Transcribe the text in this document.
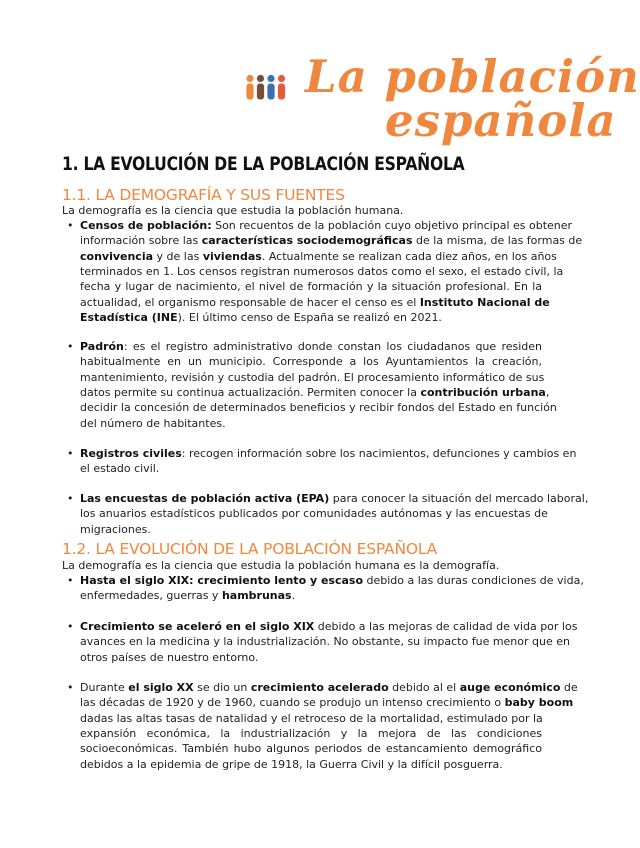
La población
española
1. LA EVOLUCIÓN DE LA POBLACIÓN ESPAÑOLA
1.1. LA DEMOGRAFÍA Y SUS FUENTES
La demografía es la ciencia que estudia la población humana.
• Censos de población: Son recuentos de la población cuyo objetivo principal es obtener
información sobre las características sociodemográficas de la misma, de las formas de
convivencia y de las viviendas. Actualmente se realizan cada diez años, en los años
terminados en 1. Los censos registran numerosos datos como el sexo, el estado civil, la
fecha y lugar de nacimiento, el nivel de formación y la situación profesional. En la
actualidad, el organismo responsable de hacer el censo es el Instituto Nacional de
Estadística (INE). El último censo de España se realizó en 2021.
• Padrón: es el registro administrativo donde constan los ciudadanos que residen
habitualmente en un municipio. Corresponde a los Ayuntamientos la creación,
mantenimiento, revisión y custodia del padrón. El procesamiento informático de sus
datos permite su continua actualización. Permiten conocer la contribución urbana,
decidir la concesión de determinados beneficios y recibir fondos del Estado en función
del número de habitantes.
• Registros civiles: recogen información sobre los nacimientos, defunciones y cambios en
el estado civil.
• Las encuestas de población activa (EPA) para conocer la situación del mercado laboral,
los anuarios estadísticos publicados por comunidades autónomas y las encuestas de
migraciones.
1.2. LA EVOLUCIÓN DE LA POBLACIÓN ESPAÑOLA
La demografía es la ciencia que estudia la población humana es la demografía.
• Hasta el siglo XIX: crecimiento lento y escaso debido a las duras condiciones de vida,
enfermedades, guerras y hambrunas.
• Crecimiento se aceleró en el siglo XIX debido a las mejoras de calidad de vida por los
avances en la medicina y la industrialización. No obstante, su impacto fue menor que en
otros países de nuestro entorno.
• Durante el siglo XX se dio un crecimiento acelerado debido al el auge económico de
las décadas de 1920 y de 1960, cuando se produjo un intenso crecimiento o baby boom
dadas las altas tasas de natalidad y el retroceso de la mortalidad, estimulado por la
expansión económica, la industrialización y la mejora de las condiciones
socioeconómicas. También hubo algunos periodos de estancamiento demográfico
debidos a la epidemia de gripe de 1918, la Guerra Civil y la difícil posguerra.
